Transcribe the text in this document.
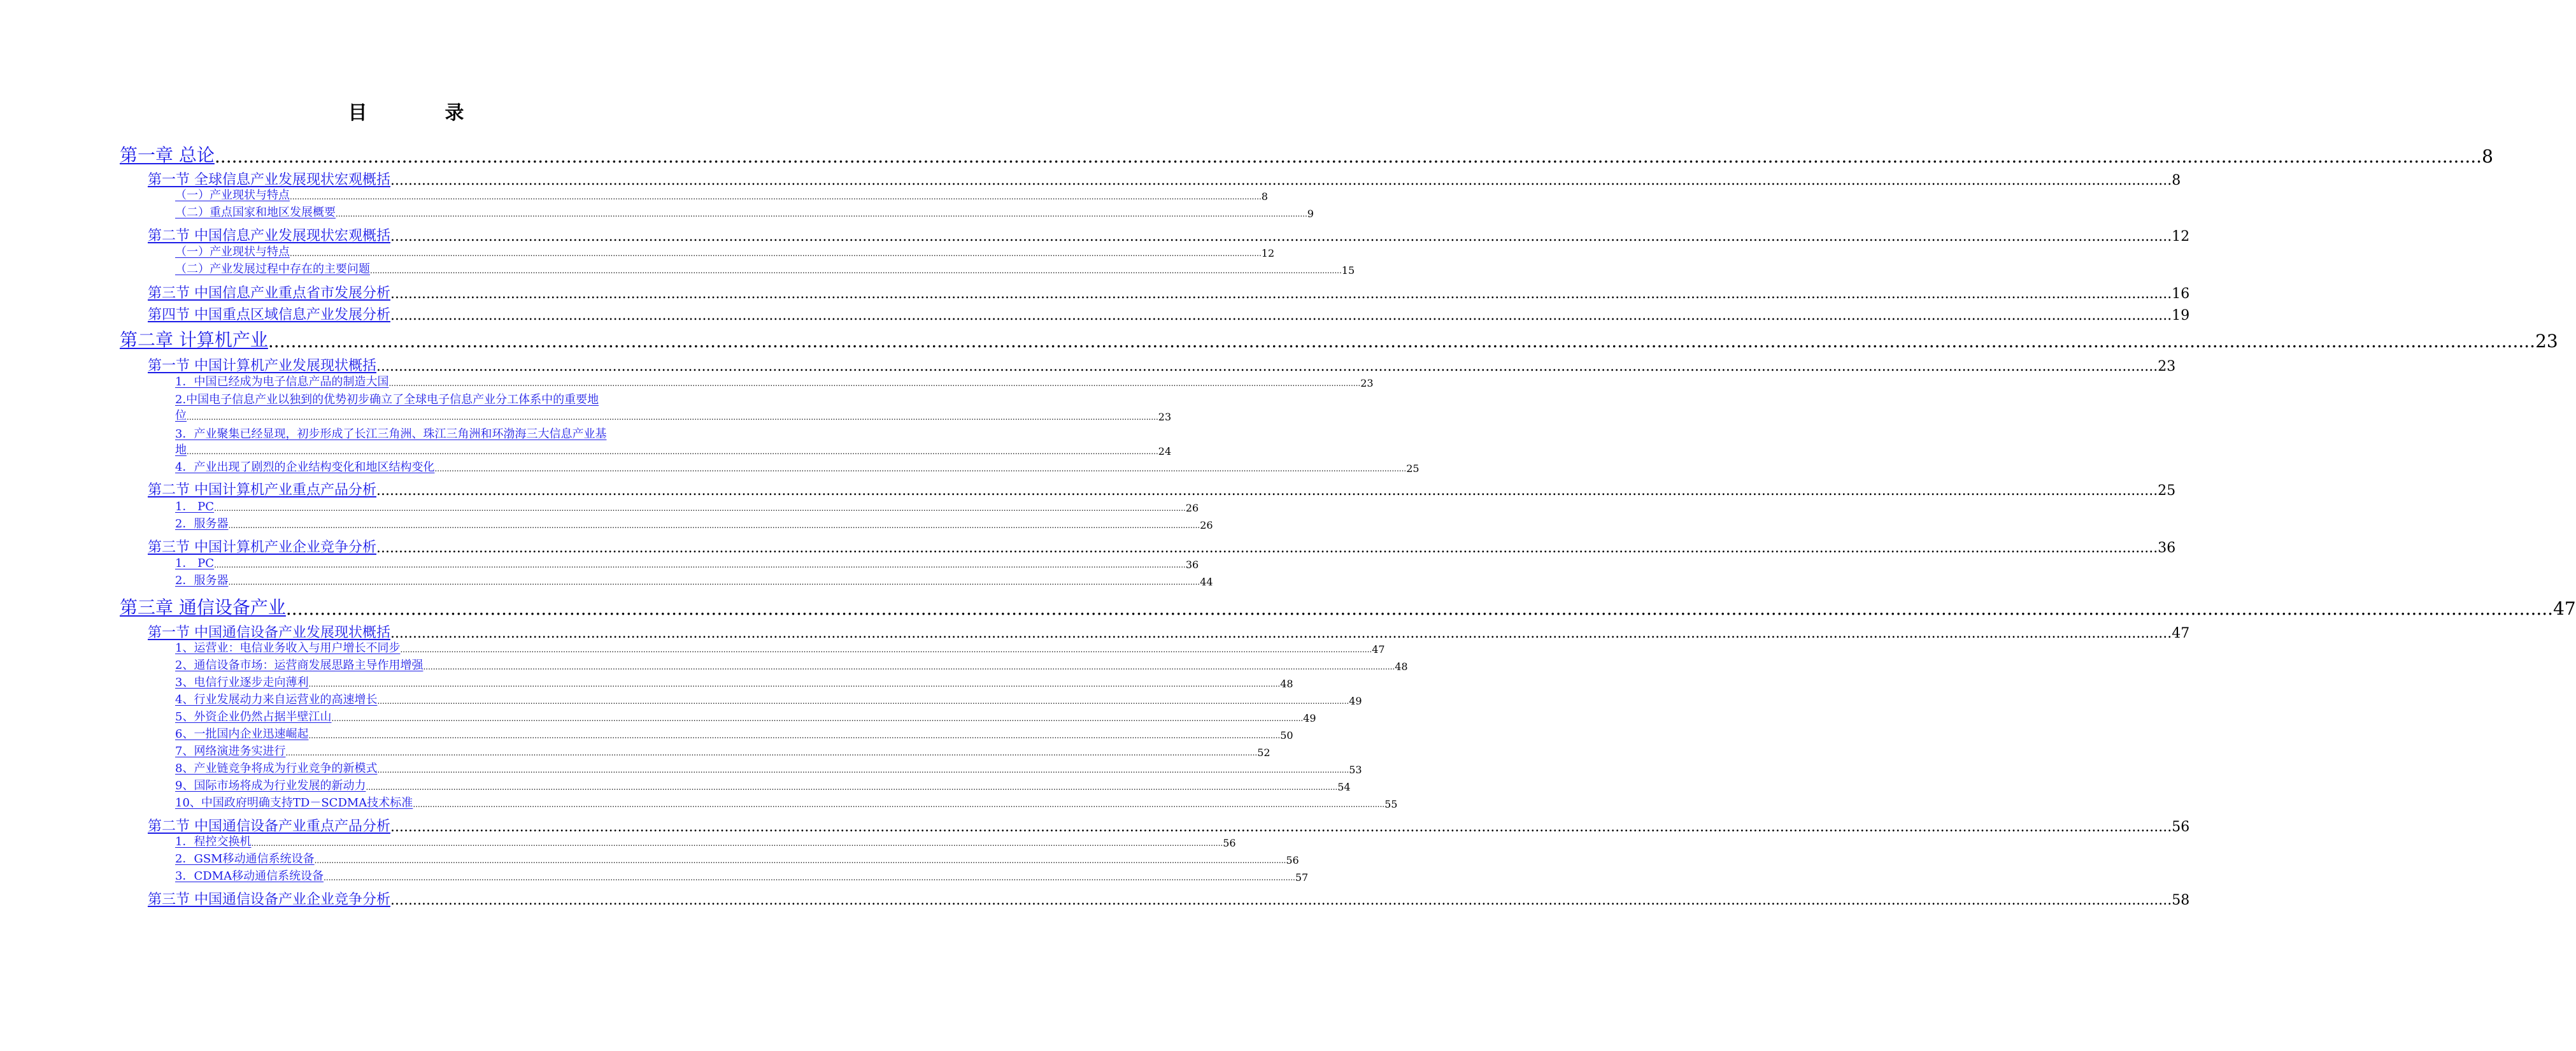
目　录
第一章 总论 ................................................................................................................................................................................................................................................................................................................................................................................................................ 8
第一节 全球信息产业发展现状宏观概括 ................................................................................................................................................................................................................................................................................................................................................................................................................ 8
（一）产业现状与特点 ................................................................................................................................................................................................................................................................................................................................................................................................................ 8
（二）重点国家和地区发展概要 ................................................................................................................................................................................................................................................................................................................................................................................................................ 9
第二节 中国信息产业发展现状宏观概括 ................................................................................................................................................................................................................................................................................................................................................................................................................ 12
（一）产业现状与特点 ................................................................................................................................................................................................................................................................................................................................................................................................................ 12
（二）产业发展过程中存在的主要问题 ................................................................................................................................................................................................................................................................................................................................................................................................................ 15
第三节 中国信息产业重点省市发展分析 ................................................................................................................................................................................................................................................................................................................................................................................................................ 16
第四节 中国重点区域信息产业发展分析 ................................................................................................................................................................................................................................................................................................................................................................................................................ 19
第二章 计算机产业 ................................................................................................................................................................................................................................................................................................................................................................................................................ 23
第一节 中国计算机产业发展现状概括 ................................................................................................................................................................................................................................................................................................................................................................................................................ 23
1．中国已经成为电子信息产品的制造大国 ................................................................................................................................................................................................................................................................................................................................................................................................................ 23
2.中国电子信息产业以独到的优势初步确立了全球电子信息产业分工体系中的重要地
位 ................................................................................................................................................................................................................................................................................................................................................................................................................ 23
3．产业聚集已经显现，初步形成了长江三角洲、珠江三角洲和环渤海三大信息产业基
地 ................................................................................................................................................................................................................................................................................................................................................................................................................ 24
4．产业出现了剧烈的企业结构变化和地区结构变化 ................................................................................................................................................................................................................................................................................................................................................................................................................ 25
第二节 中国计算机产业重点产品分析 ................................................................................................................................................................................................................................................................................................................................................................................................................ 25
1． PC ................................................................................................................................................................................................................................................................................................................................................................................................................ 26
2．服务器 ................................................................................................................................................................................................................................................................................................................................................................................................................ 26
第三节 中国计算机产业企业竞争分析 ................................................................................................................................................................................................................................................................................................................................................................................................................ 36
1． PC ................................................................................................................................................................................................................................................................................................................................................................................................................ 36
2．服务器 ................................................................................................................................................................................................................................................................................................................................................................................................................ 44
第三章 通信设备产业 ................................................................................................................................................................................................................................................................................................................................................................................................................ 47
第一节 中国通信设备产业发展现状概括 ................................................................................................................................................................................................................................................................................................................................................................................................................ 47
1、运营业：电信业务收入与用户增长不同步 ................................................................................................................................................................................................................................................................................................................................................................................................................ 47
2、通信设备市场：运营商发展思路主导作用增强 ................................................................................................................................................................................................................................................................................................................................................................................................................ 48
3、电信行业逐步走向薄利 ................................................................................................................................................................................................................................................................................................................................................................................................................ 48
4、行业发展动力来自运营业的高速增长 ................................................................................................................................................................................................................................................................................................................................................................................................................ 49
5、外资企业仍然占据半壁江山 ................................................................................................................................................................................................................................................................................................................................................................................................................ 49
6、一批国内企业迅速崛起 ................................................................................................................................................................................................................................................................................................................................................................................................................ 50
7、网络演进务实进行 ................................................................................................................................................................................................................................................................................................................................................................................................................ 52
8、产业链竞争将成为行业竞争的新模式 ................................................................................................................................................................................................................................................................................................................................................................................................................ 53
9、国际市场将成为行业发展的新动力 ................................................................................................................................................................................................................................................................................................................................................................................................................ 54
10、中国政府明确支持TD－SCDMA技术标准 ................................................................................................................................................................................................................................................................................................................................................................................................................ 55
第二节 中国通信设备产业重点产品分析 ................................................................................................................................................................................................................................................................................................................................................................................................................ 56
1．程控交换机 ................................................................................................................................................................................................................................................................................................................................................................................................................ 56
2．GSM移动通信系统设备 ................................................................................................................................................................................................................................................................................................................................................................................................................ 56
3．CDMA移动通信系统设备 ................................................................................................................................................................................................................................................................................................................................................................................................................ 57
第三节 中国通信设备产业企业竞争分析 ................................................................................................................................................................................................................................................................................................................................................................................................................ 58
